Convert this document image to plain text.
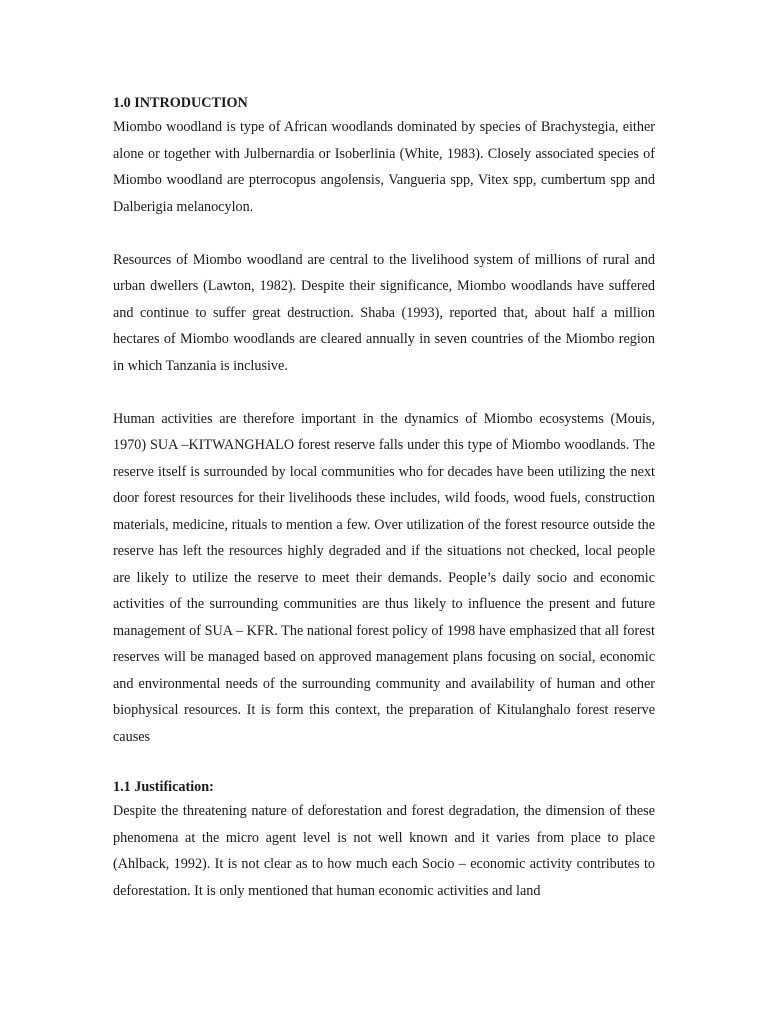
1.0 INTRODUCTION

Miombo woodland is type of African woodlands dominated by species of Brachystegia, either alone or together with Julbernardia or Isoberlinia (White, 1983). Closely associated species of Miombo woodland are pterrocopus angolensis, Vangueria spp, Vitex spp, cumbertum spp and Dalberigia melanocylon.

Resources of Miombo woodland are central to the livelihood system of millions of rural and urban dwellers (Lawton, 1982). Despite their significance, Miombo woodlands have suffered and continue to suffer great destruction. Shaba (1993), reported that, about half a million hectares of Miombo woodlands are cleared annually in seven countries of the Miombo region in which Tanzania is inclusive.

Human activities are therefore important in the dynamics of Miombo ecosystems (Mouis, 1970) SUA –KITWANGHALO forest reserve falls under this type of Miombo woodlands. The reserve itself is surrounded by local communities who for decades have been utilizing the next door forest resources for their livelihoods these includes, wild foods, wood fuels, construction materials, medicine, rituals to mention a few. Over utilization of the forest resource outside the reserve has left the resources highly degraded and if the situations not checked, local people are likely to utilize the reserve to meet their demands. People’s daily socio and economic activities of the surrounding communities are thus likely to influence the present and future management of SUA – KFR. The national forest policy of 1998 have emphasized that all forest reserves will be managed based on approved management plans focusing on social, economic and environmental needs of the surrounding community and availability of human and other biophysical resources. It is form this context, the preparation of Kitulanghalo forest reserve causes

1.1 Justification:

Despite the threatening nature of deforestation and forest degradation, the dimension of these phenomena at the micro agent level is not well known and it varies from place to place (Ahlback, 1992). It is not clear as to how much each Socio – economic activity contributes to deforestation. It is only mentioned that human economic activities and land
